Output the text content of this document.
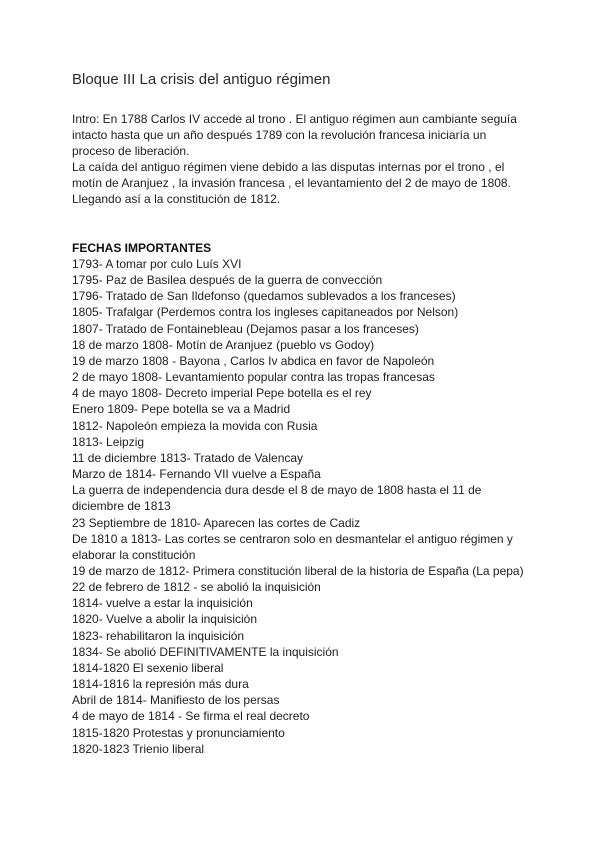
Bloque III La crisis del antiguo régimen

Intro: En 1788 Carlos IV accede al trono . El antiguo régimen aun cambiante seguía intacto hasta que un año después 1789 con la revolución francesa iniciaría un proceso de liberación.

La caída del antiguo régimen viene debido a las disputas internas por el trono , el motín de Aranjuez , la invasión francesa , el levantamiento del 2 de mayo de 1808. Llegando así a la constitución de 1812.

FECHAS IMPORTANTES
1793- A tomar por culo Luís XVI
1795- Paz de Basilea después de la guerra de convección
1796- Tratado de San Ildefonso (quedamos sublevados a los franceses)
1805- Trafalgar (Perdemos contra los ingleses capitaneados por Nelson)
1807- Tratado de Fontainebleau (Dejamos pasar a los franceses)
18 de marzo 1808- Motín de Aranjuez (pueblo vs Godoy)
19 de marzo 1808 - Bayona , Carlos Iv abdica en favor de Napoleón
2 de mayo 1808- Levantamiento popular contra las tropas francesas
4 de mayo 1808- Decreto imperial Pepe botella es el rey
Enero 1809- Pepe botella se va a Madrid
1812- Napoleón empieza la movida con Rusia
1813- Leipzig
11 de diciembre 1813- Tratado de Valencay
Marzo de 1814- Fernando VII vuelve a España
La guerra de independencia dura desde el 8 de mayo de 1808 hasta el 11 de diciembre de 1813
23 Septiembre de 1810- Aparecen las cortes de Cadiz
De 1810 a 1813- Las cortes se centraron solo en desmantelar el antiguo régimen y elaborar la constitución
19 de marzo de 1812- Primera constitución liberal de la historia de España (La pepa)
22 de febrero de 1812 - se abolió la inquisición
1814- vuelve a estar la inquisición
1820- Vuelve a abolir la inquisición
1823- rehabilitaron la inquisición
1834- Se abolió DEFINITIVAMENTE la inquisición
1814-1820 El sexenio liberal
1814-1816 la represión más dura
Abril de 1814- Manifiesto de los persas
4 de mayo de 1814 - Se firma el real decreto
1815-1820 Protestas y pronunciamiento
1820-1823 Trienio liberal
